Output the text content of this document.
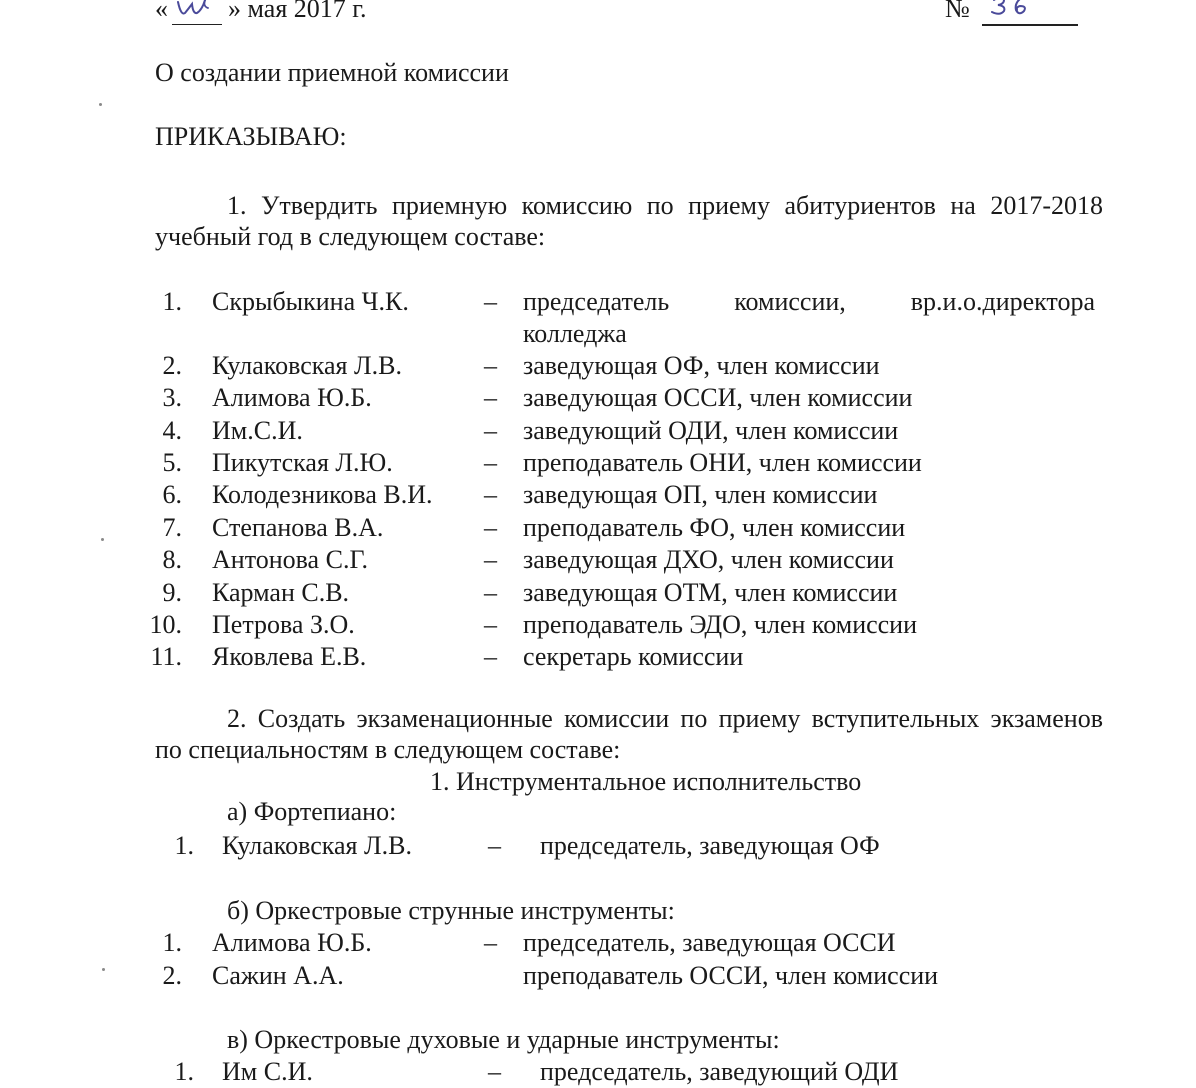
« » мая 2017 г.	№
О создании приемной комиссии
ПРИКАЗЫВАЮ:
1. Утвердить приемную комиссию по приему абитуриентов на 2017-2018 учебный год в следующем составе:
1. Скрыбыкина Ч.К.	– председатель комиссии, вр.и.о.директора
колледжа
2. Кулаковская Л.В.	– заведующая ОФ, член комиссии
3. Алимова Ю.Б.	– заведующая ОССИ, член комиссии
4. Им.С.И.	– заведующий ОДИ, член комиссии
5. Пикутская Л.Ю.	– преподаватель ОНИ, член комиссии
6. Колодезникова В.И. – заведующая ОП, член комиссии
7. Степанова В.А.	– преподаватель ФО, член комиссии
8. Антонова С.Г.	– заведующая ДХО, член комиссии
9. Карман С.В.	– заведующая ОТМ, член комиссии
10. Петрова З.О.	– преподаватель ЭДО, член комиссии
11. Яковлева Е.В.	– секретарь комиссии
2. Создать экзаменационные комиссии по приему вступительных экзаменов по специальностям в следующем составе:
1. Инструментальное исполнительство
а) Фортепиано:
1. Кулаковская Л.В.	– председатель, заведующая ОФ
б) Оркестровые струнные инструменты:
1. Алимова Ю.Б.	– председатель, заведующая ОССИ
2. Сажин А.А.	преподаватель ОССИ, член комиссии
в) Оркестровые духовые и ударные инструменты:
1. Им С.И.	– председатель, заведующий ОДИ
